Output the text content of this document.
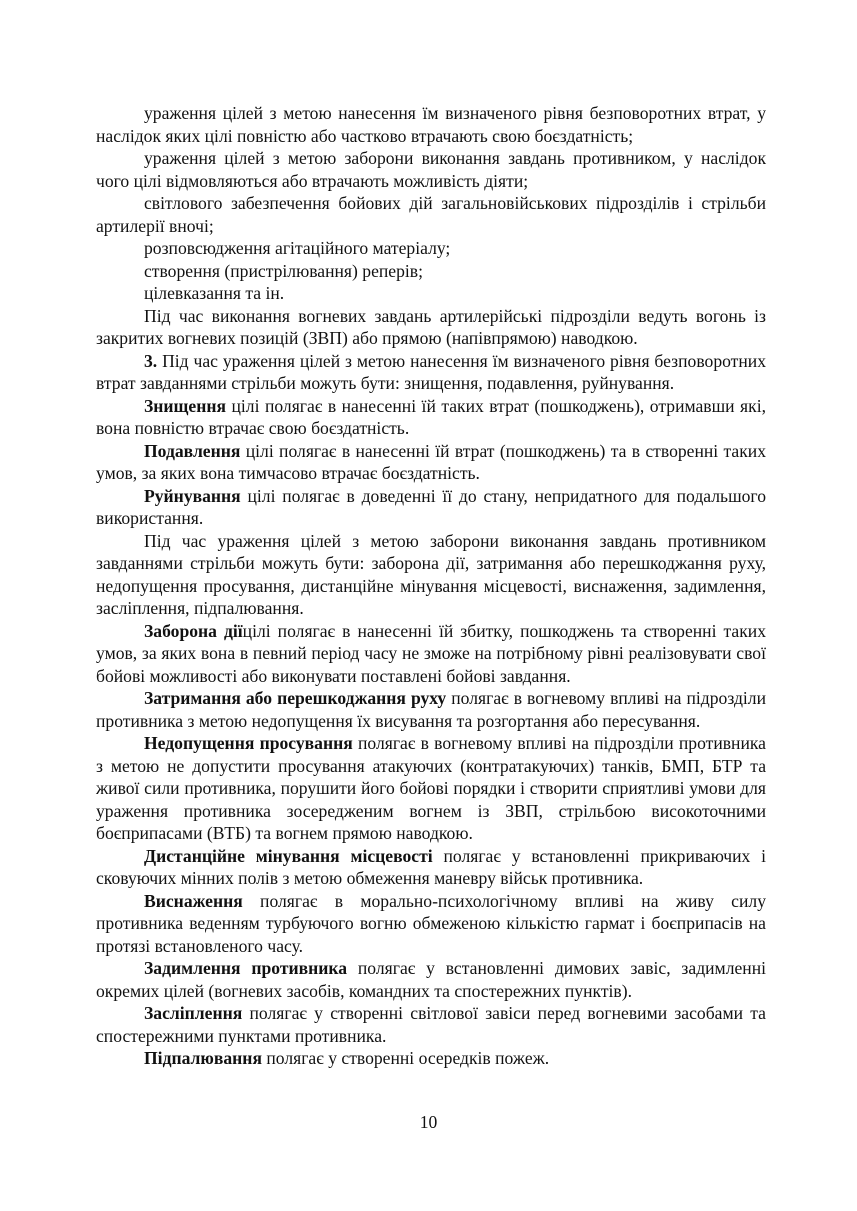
ураження цілей з метою нанесення їм визначеного рівня безповоротних втрат, у наслідок яких цілі повністю або частково втрачають свою боєздатність;

ураження цілей з метою заборони виконання завдань противником, у наслідок чого цілі відмовляються або втрачають можливість діяти;

світлового забезпечення бойових дій загальновійськових підрозділів і стрільби артилерії вночі;

розповсюдження агітаційного матеріалу;

створення (пристрілювання) реперів;

цілевказання та ін.

Під час виконання вогневих завдань артилерійські підрозділи ведуть вогонь із закритих вогневих позицій (ЗВП) або прямою (напівпрямою) наводкою.

3. Під час ураження цілей з метою нанесення їм визначеного рівня безповоротних втрат завданнями стрільби можуть бути: знищення, подавлення, руйнування.

Знищення цілі полягає в нанесенні їй таких втрат (пошкоджень), отримавши які, вона повністю втрачає свою боєздатність.

Подавлення цілі полягає в нанесенні їй втрат (пошкоджень) та в створенні таких умов, за яких вона тимчасово втрачає боєздатність.

Руйнування цілі полягає в доведенні її до стану, непридатного для подальшого використання.

Під час ураження цілей з метою заборони виконання завдань противником завданнями стрільби можуть бути: заборона дії, затримання або перешкоджання руху, недопущення просування, дистанційне мінування місцевості, виснаження, задимлення, засліплення, підпалювання.

Заборона діїцілі полягає в нанесенні їй збитку, пошкоджень та створенні таких умов, за яких вона в певний період часу не зможе на потрібному рівні реалізовувати свої бойові можливості або виконувати поставлені бойові завдання.

Затримання або перешкоджання руху полягає в вогневому впливі на підрозділи противника з метою недопущення їх висування та розгортання або пересування.

Недопущення просування полягає в вогневому впливі на підрозділи противника з метою не допустити просування атакуючих (контратакуючих) танків, БМП, БТР та живої сили противника, порушити його бойові порядки і створити сприятливі умови для ураження противника зосередженим вогнем із ЗВП, стрільбою високоточними боєприпасами (ВТБ) та вогнем прямою наводкою.

Дистанційне мінування місцевості полягає у встановленні прикриваючих і сковуючих мінних полів з метою обмеження маневру військ противника.

Виснаження полягає в морально-психологічному впливі на живу силу противника веденням турбуючого вогню обмеженою кількістю гармат і боєприпасів на протязі встановленого часу.

Задимлення противника полягає у встановленні димових завіс, задимленні окремих цілей (вогневих засобів, командних та спостережних пунктів).

Засліплення полягає у створенні світлової завіси перед вогневими засобами та спостережними пунктами противника.

Підпалювання полягає у створенні осередків пожеж.

10
